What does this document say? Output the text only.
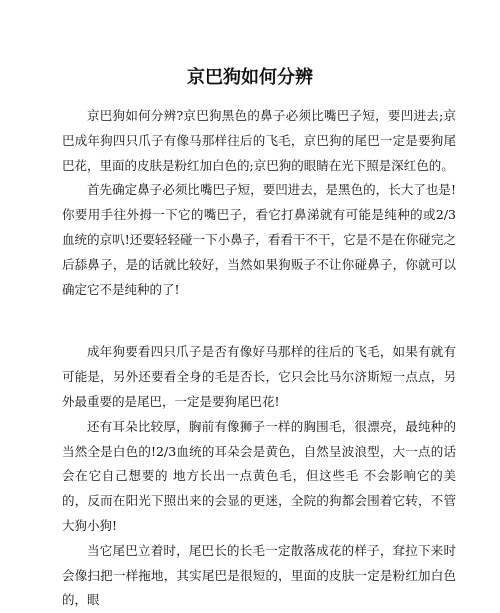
京巴狗如何分辨

京巴狗如何分辨?京巴狗黑色的鼻子必须比嘴巴子短，要凹进去;京巴成年狗四只爪子有像马那样往后的飞毛，京巴狗的尾巴一定是要狗尾巴花，里面的皮肤是粉红加白色的;京巴狗的眼睛在光下照是深红色的。

首先确定鼻子必须比嘴巴子短，要凹进去，是黑色的，长大了也是!你要用手往外拇一下它的嘴巴子，看它打鼻涕就有可能是纯种的或2/3血统的京叭!还要轻轻碰一下小鼻子，看看干不干，它是不是在你碰完之后舔鼻子，是的话就比较好，当然如果狗贩子不让你碰鼻子，你就可以确定它不是纯种的了!

成年狗要看四只爪子是否有像好马那样的往后的飞毛，如果有就有可能是，另外还要看全身的毛是否长，它只会比马尔济斯短一点点，另外最重要的是尾巴，一定是要狗尾巴花!

还有耳朵比较厚，胸前有像狮子一样的胸围毛，很漂亮，最纯种的当然全是白色的!2/3血统的耳朵会是黄色，自然呈波浪型，大一点的话会在它自己想要的 地方长出一点黄色毛，但这些毛 不会影响它的美的，反而在阳光下照出来的会显的更迷，全院的狗都会围着它转，不管大狗小狗!

当它尾巴立着时，尾巴长的长毛一定散落成花的样子，耷拉下来时会像扫把一样拖地，其实尾巴是很短的，里面的皮肤一定是粉红加白色的，眼
